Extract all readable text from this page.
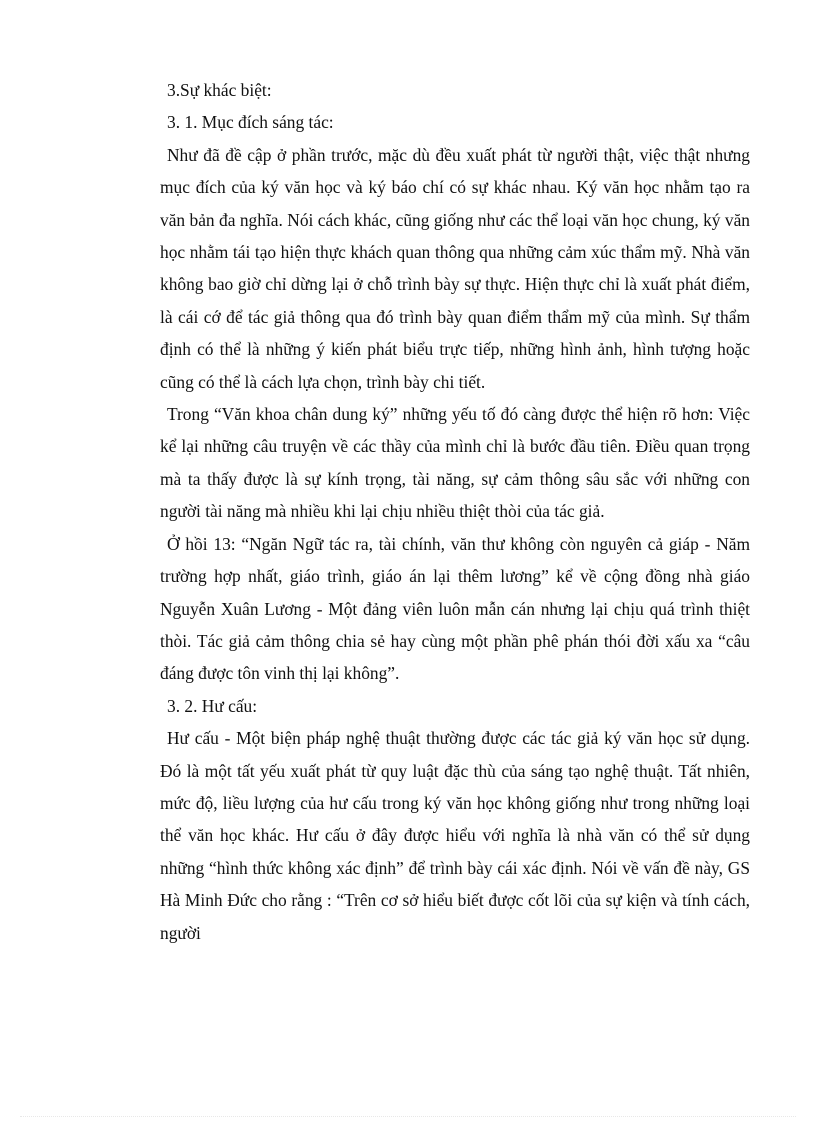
3.Sự khác biệt:

3. 1. Mục đích sáng tác:

Như đã đề cập ở phần trước, mặc dù đều xuất phát từ người thật, việc thật nhưng mục đích của ký văn học và ký báo chí có sự khác nhau. Ký văn học nhằm tạo ra văn bản đa nghĩa. Nói cách khác, cũng giống như các thể loại văn học chung, ký văn học nhằm tái tạo hiện thực khách quan thông qua những cảm xúc thẩm mỹ. Nhà văn không bao giờ chỉ dừng lại ở chỗ trình bày sự thực. Hiện thực chỉ là xuất phát điểm, là cái cớ để tác giả thông qua đó trình bày quan điểm thẩm mỹ của mình. Sự thẩm định có thể là những ý kiến phát biểu trực tiếp, những hình ảnh, hình tượng hoặc cũng có thể là cách lựa chọn, trình bày chi tiết.

Trong “Văn khoa chân dung ký” những yếu tố đó càng được thể hiện rõ hơn: Việc kể lại những câu truyện về các thầy của mình chỉ là bước đầu tiên. Điều quan trọng mà ta thấy được là sự kính trọng, tài năng, sự cảm thông sâu sắc với những con người tài năng mà nhiều khi lại chịu nhiều thiệt thòi của tác giả.

Ở hồi 13: “Ngăn Ngữ tác ra, tài chính, văn thư không còn nguyên cả giáp - Năm trường hợp nhất, giáo trình, giáo án lại thêm lương” kể về cộng đồng nhà giáo Nguyễn Xuân Lương - Một đảng viên luôn mẫn cán nhưng lại chịu quá trình thiệt thòi. Tác giả cảm thông chia sẻ hay cùng một phần phê phán thói đời xấu xa “câu đáng được tôn vinh thị lại không”.

3. 2. Hư cấu:

Hư cấu - Một biện pháp nghệ thuật thường được các tác giả ký văn học sử dụng. Đó là một tất yếu xuất phát từ quy luật đặc thù của sáng tạo nghệ thuật. Tất nhiên, mức độ, liều lượng của hư cấu trong ký văn học không giống như trong những loại thể văn học khác. Hư cấu ở đây được hiểu với nghĩa là nhà văn có thể sử dụng những “hình thức không xác định” để trình bày cái xác định. Nói về vấn đề này, GS Hà Minh Đức cho rằng : “Trên cơ sở hiểu biết được cốt lõi của sự kiện và tính cách, người
